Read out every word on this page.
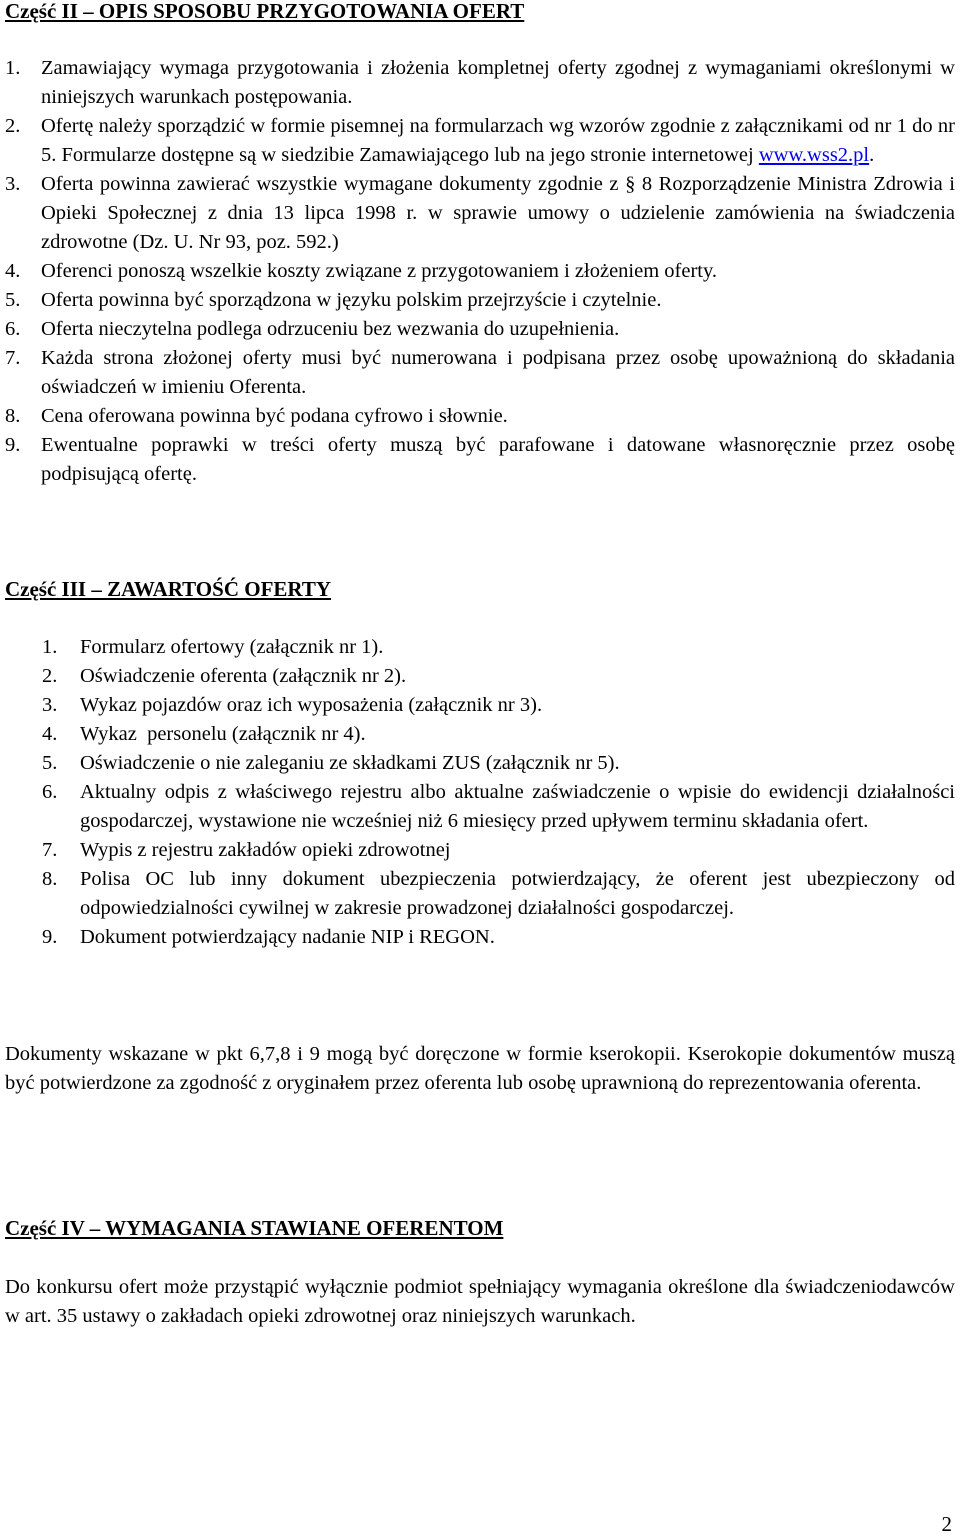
Część II – OPIS SPOSOBU PRZYGOTOWANIA OFERT
1.	Zamawiający wymaga przygotowania i złożenia kompletnej oferty zgodnej z wymaganiami określonymi w niniejszych warunkach postępowania.
2.	Ofertę należy sporządzić w formie pisemnej na formularzach wg wzorów zgodnie z załącznikami od nr 1 do nr 5. Formularze dostępne są w siedzibie Zamawiającego lub na jego stronie internetowej www.wss2.pl.
3.	Oferta powinna zawierać wszystkie wymagane dokumenty zgodnie z § 8 Rozporządzenie Ministra Zdrowia i Opieki Społecznej z dnia 13 lipca 1998 r. w sprawie umowy o udzielenie zamówienia na świadczenia zdrowotne (Dz. U. Nr 93, poz. 592.)
4.	Oferenci ponoszą wszelkie koszty związane z przygotowaniem i złożeniem oferty.
5.	Oferta powinna być sporządzona w języku polskim przejrzyście i czytelnie.
6.	Oferta nieczytelna podlega odrzuceniu bez wezwania do uzupełnienia.
7.	Każda strona złożonej oferty musi być numerowana i podpisana przez osobę upoważnioną do składania oświadczeń w imieniu Oferenta.
8.	Cena oferowana powinna być podana cyfrowo i słownie.
9.	Ewentualne poprawki w treści oferty muszą być parafowane i datowane własnoręcznie przez osobę podpisującą ofertę.
Część III – ZAWARTOŚĆ OFERTY
1.	Formularz ofertowy (załącznik nr 1).
2.	Oświadczenie oferenta (załącznik nr 2).
3.	Wykaz pojazdów oraz ich wyposażenia (załącznik nr 3).
4.	Wykaz  personelu (załącznik nr 4).
5.	Oświadczenie o nie zaleganiu ze składkami ZUS (załącznik nr 5).
6.	Aktualny odpis z właściwego rejestru albo aktualne zaświadczenie o wpisie do ewidencji działalności gospodarczej, wystawione nie wcześniej niż 6 miesięcy przed upływem terminu składania ofert.
7.	Wypis z rejestru zakładów opieki zdrowotnej
8.	Polisa OC lub inny dokument ubezpieczenia potwierdzający, że oferent jest ubezpieczony od odpowiedzialności cywilnej w zakresie prowadzonej działalności gospodarczej.
9.	Dokument potwierdzający nadanie NIP i REGON.

Dokumenty wskazane w pkt 6,7,8 i 9 mogą być doręczone w formie kserokopii. Kserokopie dokumentów muszą być potwierdzone za zgodność z oryginałem przez oferenta lub osobę uprawnioną do reprezentowania oferenta.

Część IV – WYMAGANIA STAWIANE OFERENTOM

Do konkursu ofert może przystąpić wyłącznie podmiot spełniający wymagania określone dla świadczeniodawców w art. 35 ustawy o zakładach opieki zdrowotnej oraz niniejszych warunkach.

2
